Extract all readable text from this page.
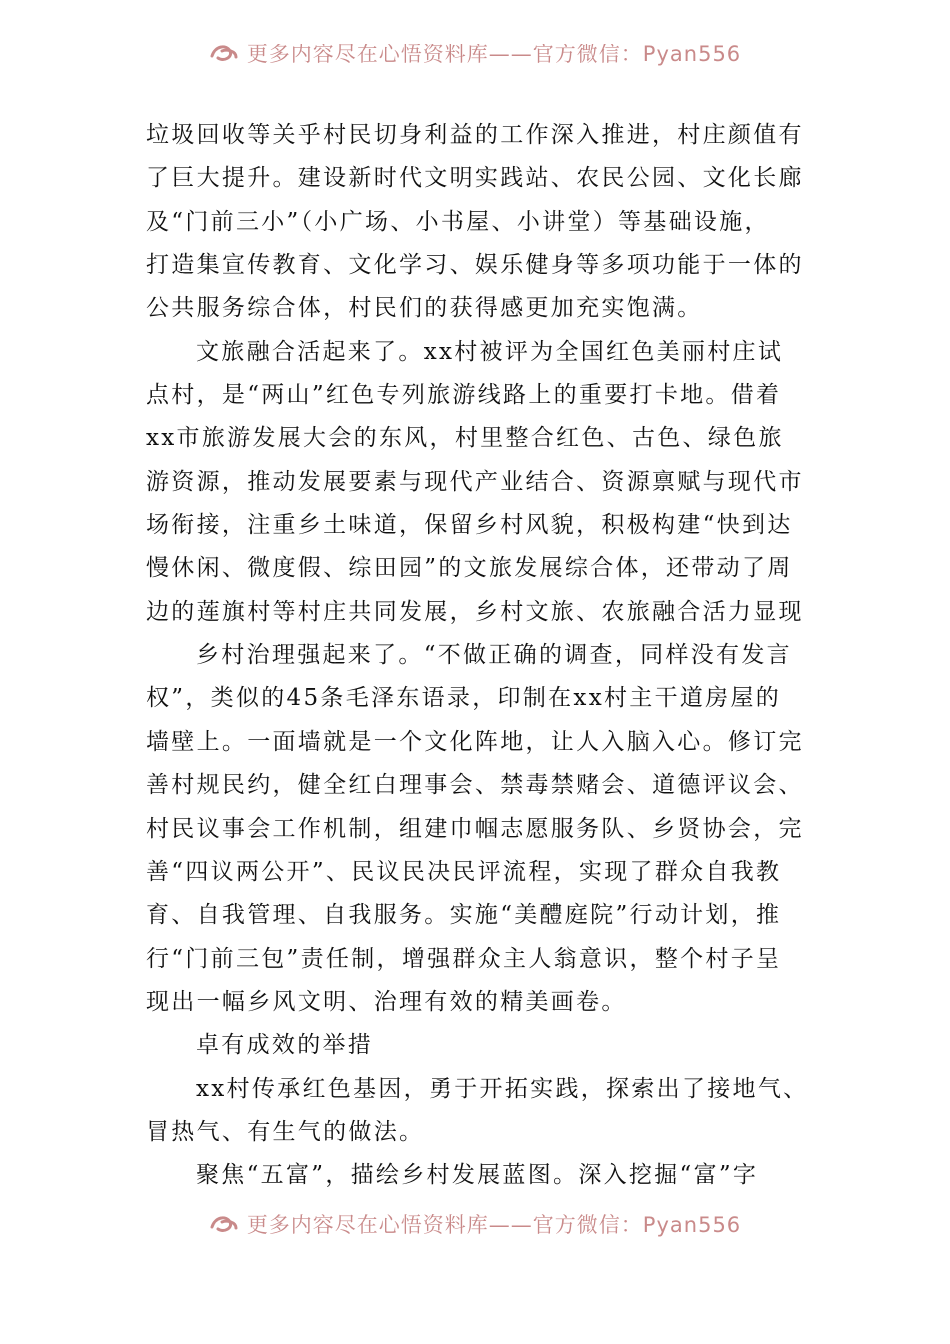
更多内容尽在心悟资料库——官方微信：Pyan556
垃圾回收等关乎村民切身利益的工作深入推进，村庄颜值有
了巨大提升。建设新时代文明实践站、农民公园、文化长廊
及“门前三小”（小广场、小书屋、小讲堂）等基础设施，
打造集宣传教育、文化学习、娱乐健身等多项功能于一体的
公共服务综合体，村民们的获得感更加充实饱满。
文旅融合活起来了。xx村被评为全国红色美丽村庄试
点村，是“两山”红色专列旅游线路上的重要打卡地。借着
xx市旅游发展大会的东风，村里整合红色、古色、绿色旅
游资源，推动发展要素与现代产业结合、资源禀赋与现代市
场衔接，注重乡土味道，保留乡村风貌，积极构建“快到达
慢休闲、微度假、综田园”的文旅发展综合体，还带动了周
边的莲旗村等村庄共同发展，乡村文旅、农旅融合活力显现
乡村治理强起来了。“不做正确的调查，同样没有发言
权”，类似的45条毛泽东语录，印制在xx村主干道房屋的
墙壁上。一面墙就是一个文化阵地，让人入脑入心。修订完
善村规民约，健全红白理事会、禁毒禁赌会、道德评议会、
村民议事会工作机制，组建巾帼志愿服务队、乡贤协会，完
善“四议两公开”、民议民决民评流程，实现了群众自我教
育、自我管理、自我服务。实施“美醴庭院”行动计划，推
行“门前三包”责任制，增强群众主人翁意识，整个村子呈
现出一幅乡风文明、治理有效的精美画卷。
卓有成效的举措
xx村传承红色基因，勇于开拓实践，探索出了接地气、
冒热气、有生气的做法。
聚焦“五富”，描绘乡村发展蓝图。深入挖掘“富”字
更多内容尽在心悟资料库——官方微信：Pyan556
